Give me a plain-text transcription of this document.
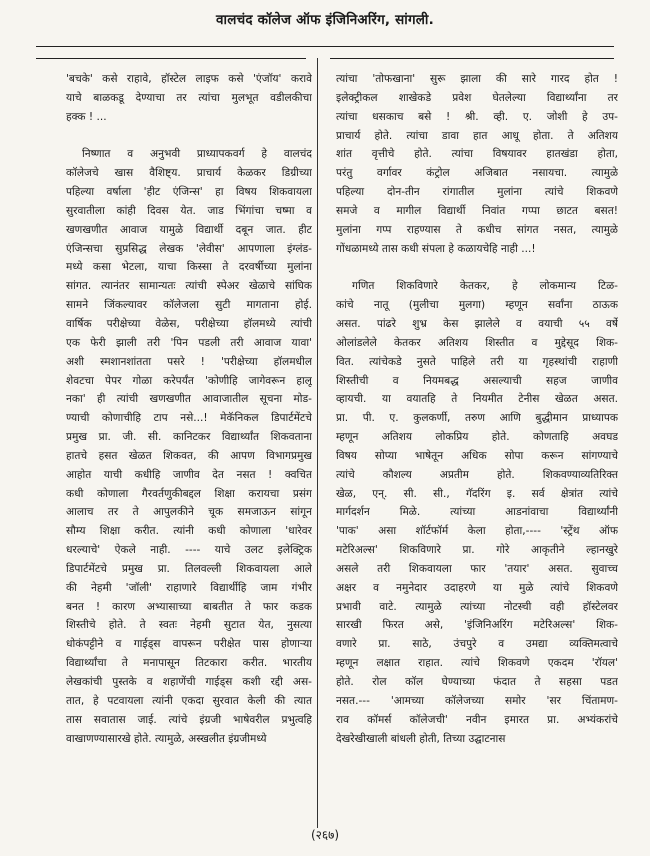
वालचंद कॉलेज ऑफ इंजिनिअरिंग, सांगली.
'बचके' कसे राहावे, हॉस्टेल लाइफ कसे 'एंजॉय' करावे
याचे बाळकडू देण्याचा तर त्यांचा मुलभूत वडीलकीचा
हक्क ! ...
निष्णात व अनुभवी प्राध्यापकवर्ग हे वालचंद
कॉलेजचे खास वैशिष्ट्य. प्राचार्य केळकर डिग्रीच्या
पहिल्या वर्षाला 'हीट एंजिन्स' हा विषय शिकवायला
सुरवातीला कांही दिवस येत. जाड भिंगांचा चष्मा व
खणखणीत आवाज यामुळे विद्यार्थी दबून जात. हीट
एंजिन्सचा सुप्रसिद्ध लेखक 'लेवीस' आपणाला इंग्लंड-
मध्ये कसा भेटला, याचा किस्सा ते दरवर्षीच्या मुलांना
सांगत. त्यानंतर सामान्यतः त्यांची स्पेअर खेळाचे सांघिक
सामने जिंकल्यावर कॉलेजला सुटी मागताना होई.
वार्षिक परीक्षेच्या वेळेस, परीक्षेच्या हॉलमध्ये त्यांची
एक फेरी झाली तरी 'पिन पडली तरी आवाज यावा'
अशी स्मशानशांतता पसरे ! 'परीक्षेच्या हॉलमधील
शेवटचा पेपर गोळा करेपर्यंत 'कोणीहि जागेवरून हालू
नका' ही त्यांची खणखणीत आवाजातील सूचना मोड-
ण्याची कोणाचीहि टाप नसे...! मेकॅनिकल डिपार्टमेंटचे
प्रमुख प्रा. जी. सी. कानिटकर विद्यार्थ्यांत शिकवताना
हातचे हसत खेळत शिकवत, की आपण विभागप्रमुख
आहोत याची कधीहि जाणीव देत नसत ! क्वचित
कधी कोणाला गैरवर्तणुकीबद्दल शिक्षा करायचा प्रसंग
आलाच तर ते आपुलकीने चूक समजाऊन सांगून
सौम्य शिक्षा करीत. त्यांनी कधी कोणाला 'धारेवर
धरल्याचे' ऐकले नाही. ---- याचे उलट इलेक्ट्रिक
डिपार्टमेंटचे प्रमुख प्रा. तिलवल्ली शिकवायला आले
की नेहमी 'जॉली' राहाणारे विद्यार्थीहि जाम गंभीर
बनत ! कारण अभ्यासाच्या बाबतीत ते फार कडक
शिस्तीचे होते. ते स्वतः नेहमी सुटात येत, नुसत्या
धोकंपट्टीने व गाईड्स वापरून परीक्षेत पास होणाऱ्या
विद्यार्थ्यांचा ते मनापासून तिटकारा करीत. भारतीय
लेखकांची पुस्तके व शहाणेंची गाईड्स कशी रद्दी अस-
तात, हे पटवायला त्यांनी एकदा सुरवात केली की त्यात
तास सवातास जाई. त्यांचे इंग्रजी भाषेवरील प्रभुत्वहि
वाखाणण्यासारखे होते. त्यामुळे, अस्खलीत इंग्रजीमध्ये
त्यांचा 'तोफखाना' सुरू झाला की सारे गारद होत !
इलेक्ट्रीकल शाखेकडे प्रवेश घेतलेल्या विद्यार्थ्यांना तर
त्यांचा धसकाच बसे ! श्री. व्ही. ए. जोशी हे उप-
प्राचार्य होते. त्यांचा डावा हात आधू होता. ते अतिशय
शांत वृत्तीचे होते. त्यांचा विषयावर हातखंडा होता,
परंतु वर्गावर कंट्रोल अजिबात नसायचा. त्यामुळे
पहिल्या दोन-तीन रांगातील मुलांना त्यांचे शिकवणे
समजे व मागील विद्यार्थी निवांत गप्पा छाटत बसत!
मुलांना गप्प राहण्यास ते कधीच सांगत नसत, त्यामुळे
गोंधळामध्ये तास कधी संपला हे कळायचेहि नाही ...!
गणित शिकविणारे केतकर, हे लोकमान्य टिळ-
कांचे नातू (मुलीचा मुलगा) म्हणून सर्वांना ठाऊक
असत. पांढरे शुभ्र केस झालेले व वयाची ५५ वर्षे
ओलांडलेले केतकर अतिशय शिस्तीत व मुद्देसूद शिक-
वित. त्यांचेकडे नुसते पाहिले तरी या गृहस्थांची राहाणी
शिस्तीची व नियमबद्ध असल्याची सहज जाणीव
व्हायची. या वयातहि ते नियमीत टेनीस खेळत असत.
प्रा. पी. ए. कुलकर्णी, तरुण आणि बुद्धीमान प्राध्यापक
म्हणून अतिशय लोकप्रिय होते. कोणताहि अवघड
विषय सोप्या भाषेतून अधिक सोपा करून सांगण्याचे
त्यांचे कौशल्य अप्रतीम होते. शिकवण्याव्यतिरिक्त
खेळ, एन्. सी. सी., गॅदरिंग इ. सर्व क्षेत्रांत त्यांचे
मार्गदर्शन मिळे. त्यांच्या आडनांवाचा विद्यार्थ्यांनी
'पाक' असा शॉर्टफॉर्म केला होता,---- 'स्ट्रेंथ ऑफ
मटेरिअल्स' शिकविणारे प्रा. गोरे आकृतीने ल्हानखुरे
असले तरी शिकवायला फार 'तयार' असत. सुवाच्च
अक्षर व नमुनेदार उदाहरणे या मुळे त्यांचे शिकवणे
प्रभावी वाटे. त्यामुळे त्यांच्या नोटस्ची वही हॉस्टेलवर
सारखी फिरत असे, 'इंजिनिअरिंग मटेरिअल्स' शिक-
वणारे प्रा. साठे, उंचपुरे व उमद्या व्यक्तिमत्वाचे
म्हणून लक्षात राहात. त्यांचे शिकवणे एकदम 'रॉयल'
होते. रोल कॉल घेण्याच्या फंदात ते सहसा पडत
नसत.--- 'आमच्या कॉलेजच्या समोर 'सर चिंतामण-
राव कॉमर्स कॉलेजची' नवीन इमारत प्रा. अभ्यंकरांचे
देखरेखीखाली बांधली होती, तिच्या उद्घाटनास
(२६७)
